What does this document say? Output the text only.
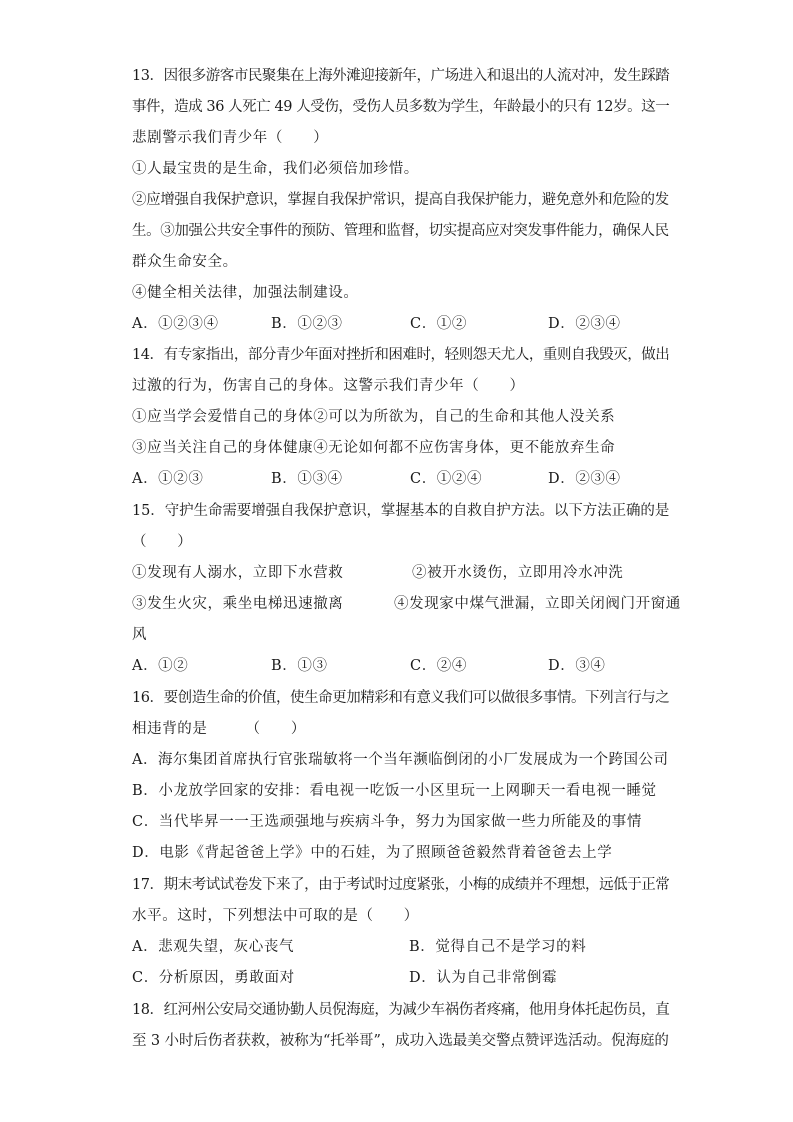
13．因很多游客市民聚集在上海外滩迎接新年，广场进入和退出的人流对冲，发生踩踏
事件，造成 36 人死亡 49 人受伤，受伤人员多数为学生，年龄最小的只有 12岁。这一
悲剧警示我们青少年（　　）
①人最宝贵的是生命，我们必须倍加珍惜。
②应增强自我保护意识，掌握自我保护常识，提高自我保护能力，避免意外和危险的发
生。③加强公共安全事件的预防、管理和监督，切实提高应对突发事件能力，确保人民
群众生命安全。
④健全相关法律，加强法制建设。
A．①②③④	B．①②③	C．①②	D．②③④
14．有专家指出，部分青少年面对挫折和困难时，轻则怨天尤人，重则自我毁灭，做出
过激的行为，伤害自己的身体。这警示我们青少年（　　）
①应当学会爱惜自己的身体②可以为所欲为，自己的生命和其他人没关系
③应当关注自己的身体健康④无论如何都不应伤害身体，更不能放弃生命
A．①②③	B．①③④	C．①②④	D．②③④
15．守护生命需要增强自我保护意识，掌握基本的自救自护方法。以下方法正确的是
（　　）
①发现有人溺水，立即下水营救	②被开水烫伤，立即用冷水冲洗
③发生火灾，乘坐电梯迅速撤离	④发现家中煤气泄漏，立即关闭阀门开窗通
风
A．①②	B．①③	C．②④	D．③④
16．要创造生命的价值，使生命更加精彩和有意义我们可以做很多事情。下列言行与之
相违背的是　　　（　　）
A．海尔集团首席执行官张瑞敏将一个当年濒临倒闭的小厂发展成为一个跨国公司
B．小龙放学回家的安排：看电视一吃饭一小区里玩一上网聊天一看电视一睡觉
C．当代毕昇一一王选顽强地与疾病斗争，努力为国家做一些力所能及的事情
D．电影《背起爸爸上学》中的石娃，为了照顾爸爸毅然背着爸爸去上学
17．期末考试试卷发下来了，由于考试时过度紧张，小梅的成绩并不理想，远低于正常
水平。这时，下列想法中可取的是（　　）
A．悲观失望，灰心丧气	B．觉得自己不是学习的料
C．分析原因，勇敢面对	D．认为自己非常倒霉
18．红河州公安局交通协勤人员倪海庭，为减少车祸伤者疼痛，他用身体托起伤员，直
至 3 小时后伤者获救，被称为“托举哥”，成功入选最美交警点赞评选活动。倪海庭的
